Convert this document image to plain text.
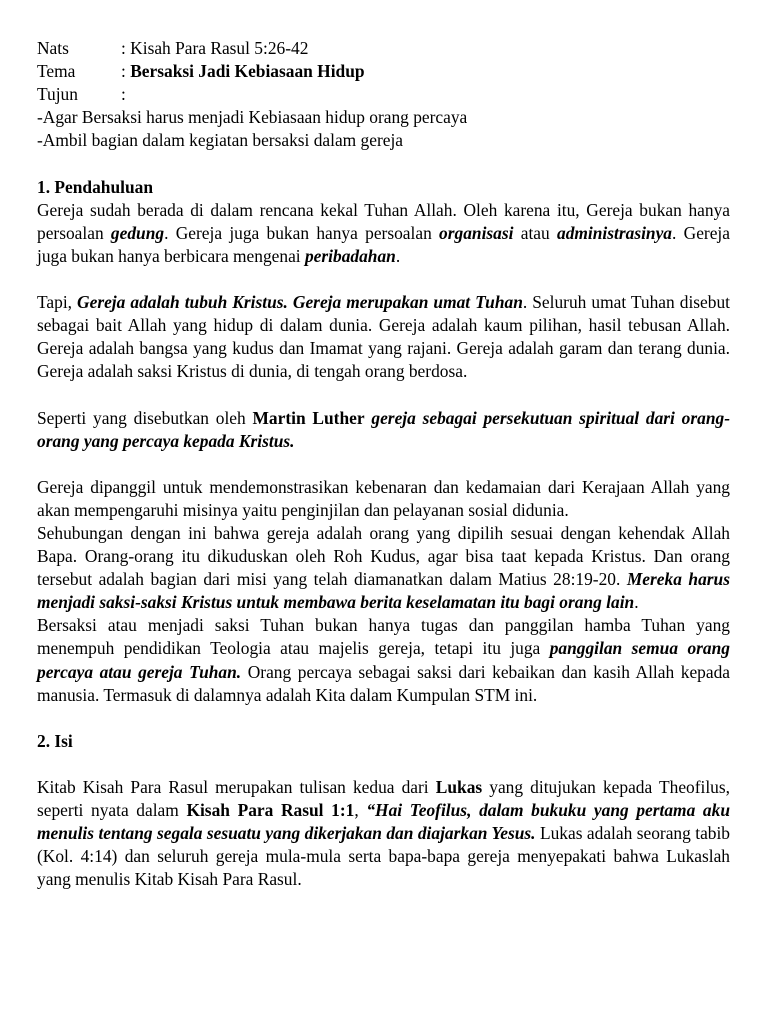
Nats	: Kisah Para Rasul 5:26-42
Tema	: Bersaksi Jadi Kebiasaan Hidup
Tujun	:

-Agar Bersaksi harus menjadi Kebiasaan hidup orang percaya

-Ambil bagian dalam kegiatan bersaksi dalam gereja

1. Pendahuluan

Gereja sudah berada di dalam rencana kekal Tuhan Allah. Oleh karena itu, Gereja bukan hanya persoalan gedung. Gereja juga bukan hanya persoalan organisasi atau administrasinya. Gereja juga bukan hanya berbicara mengenai peribadahan.

Tapi, Gereja adalah tubuh Kristus. Gereja merupakan umat Tuhan. Seluruh umat Tuhan disebut sebagai bait Allah yang hidup di dalam dunia. Gereja adalah kaum pilihan, hasil tebusan Allah. Gereja adalah bangsa yang kudus dan Imamat yang rajani. Gereja adalah garam dan terang dunia. Gereja adalah saksi Kristus di dunia, di tengah orang berdosa.

Seperti yang disebutkan oleh Martin Luther gereja sebagai persekutuan spiritual dari orang-orang yang percaya kepada Kristus.

Gereja dipanggil untuk mendemonstrasikan kebenaran dan kedamaian dari Kerajaan Allah yang akan mempengaruhi misinya yaitu penginjilan dan pelayanan sosial didunia.

Sehubungan dengan ini bahwa gereja adalah orang yang dipilih sesuai dengan kehendak Allah Bapa. Orang-orang itu dikuduskan oleh Roh Kudus, agar bisa taat kepada Kristus. Dan orang tersebut adalah bagian dari misi yang telah diamanatkan dalam Matius 28:19-20. Mereka harus menjadi saksi-saksi Kristus untuk membawa berita keselamatan itu bagi orang lain.

Bersaksi atau menjadi saksi Tuhan bukan hanya tugas dan panggilan hamba Tuhan yang menempuh pendidikan Teologia atau majelis gereja, tetapi itu juga panggilan semua orang percaya atau gereja Tuhan. Orang percaya sebagai saksi dari kebaikan dan kasih Allah kepada manusia. Termasuk di dalamnya adalah Kita dalam Kumpulan STM ini.

2. Isi

Kitab Kisah Para Rasul merupakan tulisan kedua dari Lukas yang ditujukan kepada Theofilus, seperti nyata dalam Kisah Para Rasul 1:1, “Hai Teofilus, dalam bukuku yang pertama aku menulis tentang segala sesuatu yang dikerjakan dan diajarkan Yesus. Lukas adalah seorang tabib (Kol. 4:14) dan seluruh gereja mula-mula serta bapa-bapa gereja menyepakati bahwa Lukaslah yang menulis Kitab Kisah Para Rasul.
